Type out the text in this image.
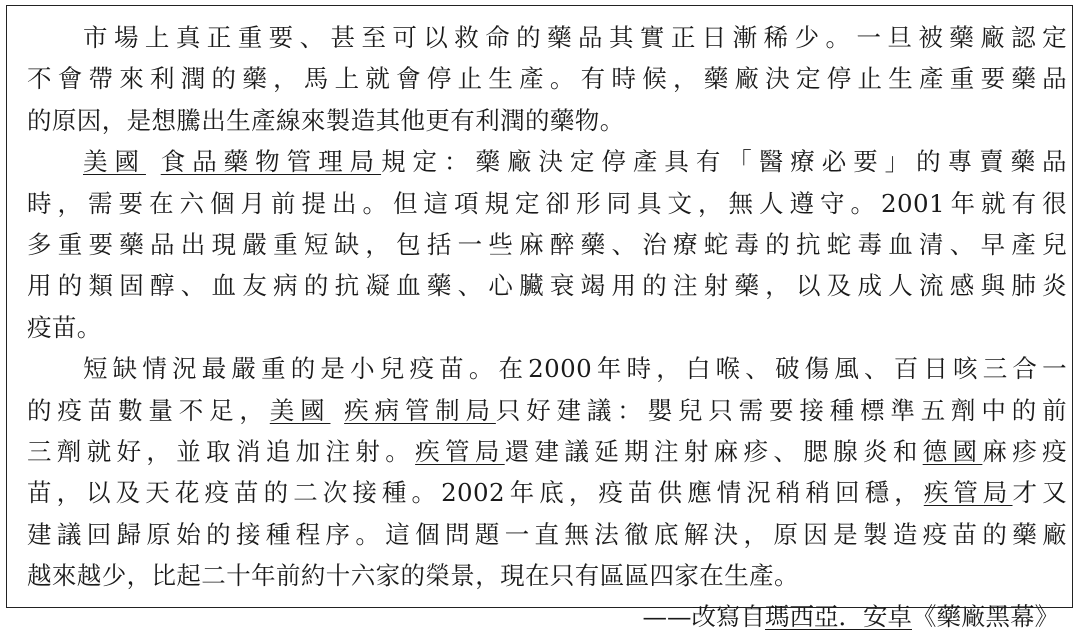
市場上真正重要、甚至可以救命的藥品其實正日漸稀少。一旦被藥廠認定
不會帶來利潤的藥，馬上就會停止生產。有時候，藥廠決定停止生產重要藥品
的原因，是想騰出生產線來製造其他更有利潤的藥物。
美國 食品藥物管理局規定：藥廠決定停產具有「醫療必要」的專賣藥品
時，需要在六個月前提出。但這項規定卻形同具文，無人遵守。2001年就有很
多重要藥品出現嚴重短缺，包括一些麻醉藥、治療蛇毒的抗蛇毒血清、早產兒
用的類固醇、血友病的抗凝血藥、心臟衰竭用的注射藥，以及成人流感與肺炎
疫苗。
短缺情況最嚴重的是小兒疫苗。在2000年時，白喉、破傷風、百日咳三合一
的疫苗數量不足，美國 疾病管制局只好建議：嬰兒只需要接種標準五劑中的前
三劑就好，並取消追加注射。疾管局還建議延期注射麻疹、腮腺炎和德國麻疹疫
苗，以及天花疫苗的二次接種。2002年底，疫苗供應情況稍稍回穩，疾管局才又
建議回歸原始的接種程序。這個問題一直無法徹底解決，原因是製造疫苗的藥廠
越來越少，比起二十年前約十六家的榮景，現在只有區區四家在生產。
——改寫自瑪西亞．安卓《藥廠黑幕》
